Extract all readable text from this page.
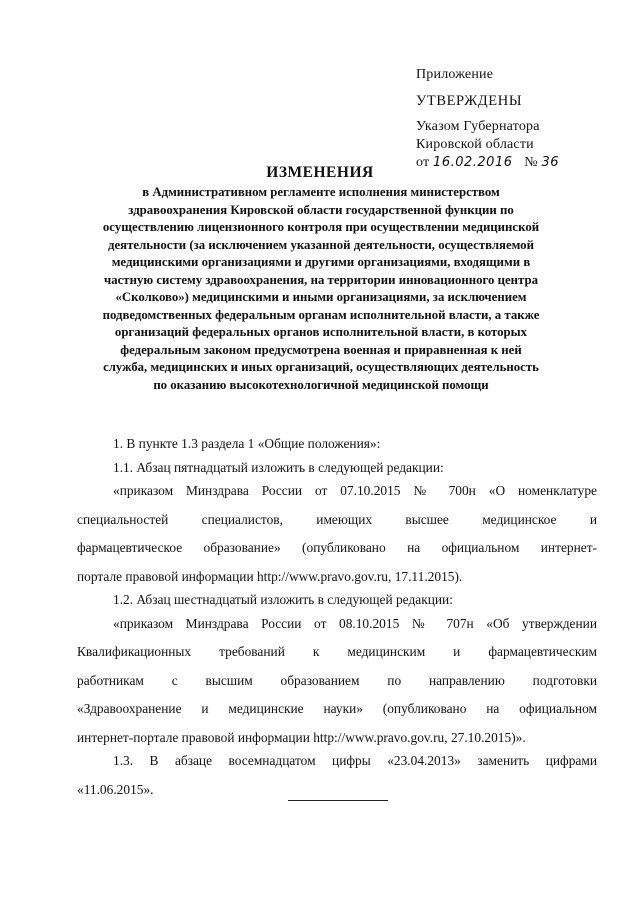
Приложение
УТВЕРЖДЕНЫ
Указом Губернатора
Кировской области
от 16.02.2016 № 36
ИЗМЕНЕНИЯ
в Административном регламенте исполнения министерством
здравоохранения Кировской области государственной функции по
осуществлению лицензионного контроля при осуществлении медицинской
деятельности (за исключением указанной деятельности, осуществляемой
медицинскими организациями и другими организациями, входящими в
частную систему здравоохранения, на территории инновационного центра
«Сколково») медицинскими и иными организациями, за исключением
подведомственных федеральным органам исполнительной власти, а также
организаций федеральных органов исполнительной власти, в которых
федеральным законом предусмотрена военная и приравненная к ней
служба, медицинских и иных организаций, осуществляющих деятельность
по оказанию высокотехнологичной медицинской помощи

1. В пункте 1.3 раздела 1 «Общие положения»:

1.1. Абзац пятнадцатый изложить в следующей редакции:

«приказом Минздрава России от 07.10.2015 № 700н «О номенклатуре
специальностей специалистов, имеющих высшее медицинское и
фармацевтическое образование» (опубликовано на официальном интернет-
портале правовой информации http://www.pravo.gov.ru, 17.11.2015).

1.2. Абзац шестнадцатый изложить в следующей редакции:

«приказом Минздрава России от 08.10.2015 № 707н «Об утверждении
Квалификационных требований к медицинским и фармацевтическим
работникам с высшим образованием по направлению подготовки
«Здравоохранение и медицинские науки» (опубликовано на официальном
интернет-портале правовой информации http://www.pravo.gov.ru, 27.10.2015)».

1.3. В абзаце восемнадцатом цифры «23.04.2013» заменить цифрами
«11.06.2015».
